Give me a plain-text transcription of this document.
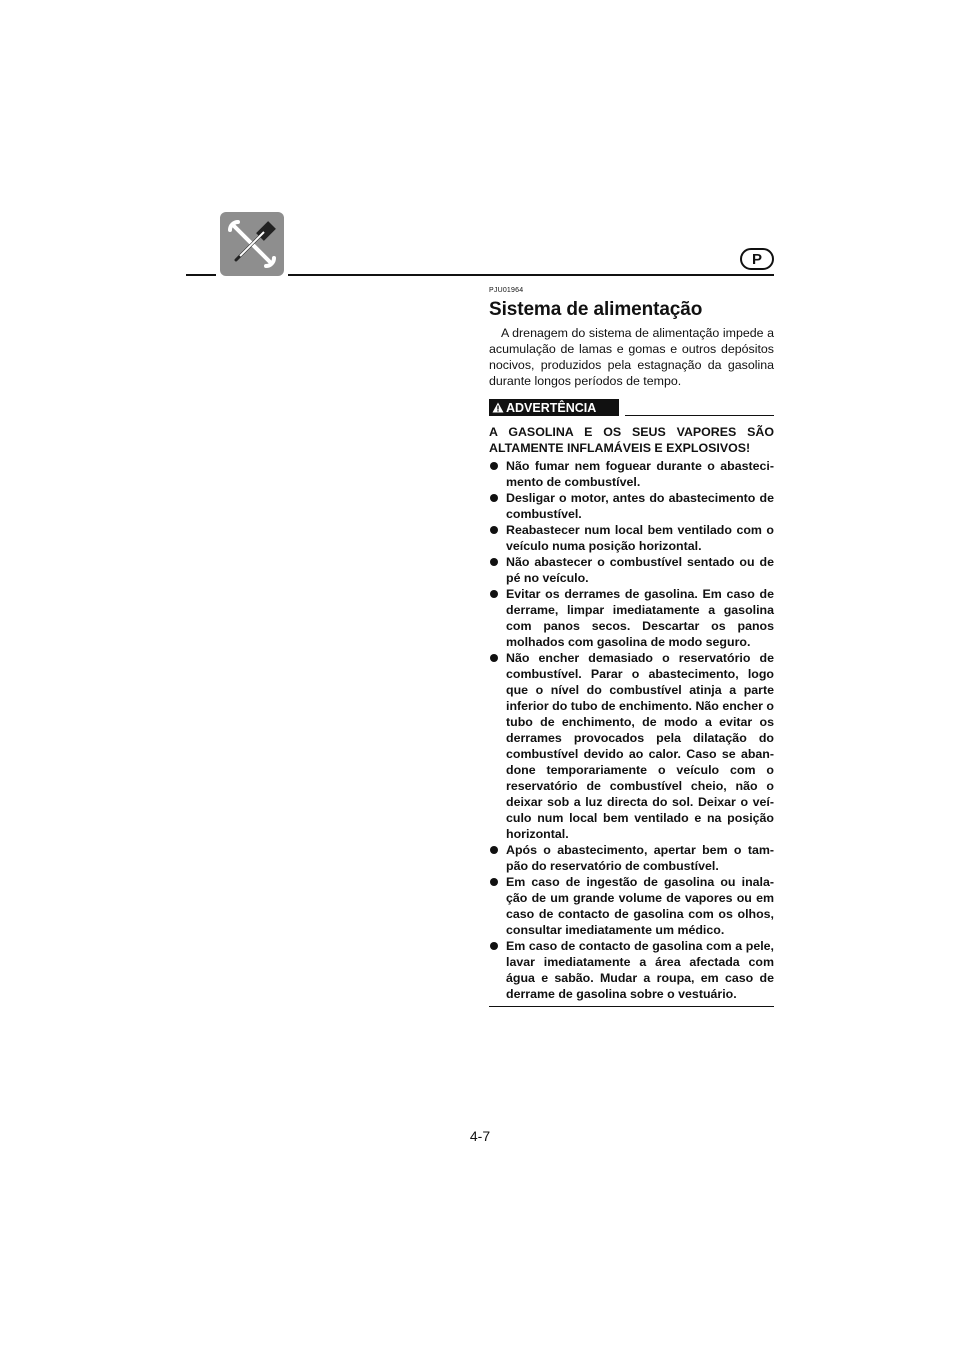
P
PJU01964
Sistema de alimentação

A drenagem do sistema de alimentação impede a acumulação de lamas e gomas e outros depósitos nocivos, produzidos pela estagnação da gasolina durante longos períodos de tempo.

ADVERTÊNCIA
A GASOLINA E OS SEUS VAPORES SÃO ALTAMENTE INFLAMÁVEIS E EXPLOSIVOS!
Não fumar nem foguear durante o abasteci-mento de combustível.
Desligar o motor, antes do abastecimento de combustível.
Reabastecer num local bem ventilado com o veículo numa posição horizontal.
Não abastecer o combustível sentado ou de pé no veículo.
Evitar os derrames de gasolina. Em caso de derrame, limpar imediatamente a gasolina com panos secos. Descartar os panos molhados com gasolina de modo seguro.
Não encher demasiado o reservatório de combustível. Parar o abastecimento, logo que o nível do combustível atinja a parte inferior do tubo de enchimento. Não encher o tubo de enchimento, de modo a evitar os derrames provocados pela dilatação do combustível devido ao calor. Caso se aban-done temporariamente o veículo com o reservatório de combustível cheio, não o deixar sob a luz directa do sol. Deixar o veí-culo num local bem ventilado e na posição horizontal.
Após o abastecimento, apertar bem o tam-pão do reservatório de combustível.
Em caso de ingestão de gasolina ou inala-ção de um grande volume de vapores ou em caso de contacto de gasolina com os olhos, consultar imediatamente um médico.
Em caso de contacto de gasolina com a pele, lavar imediatamente a área afectada com água e sabão. Mudar a roupa, em caso de derrame de gasolina sobre o vestuário.
4-7
